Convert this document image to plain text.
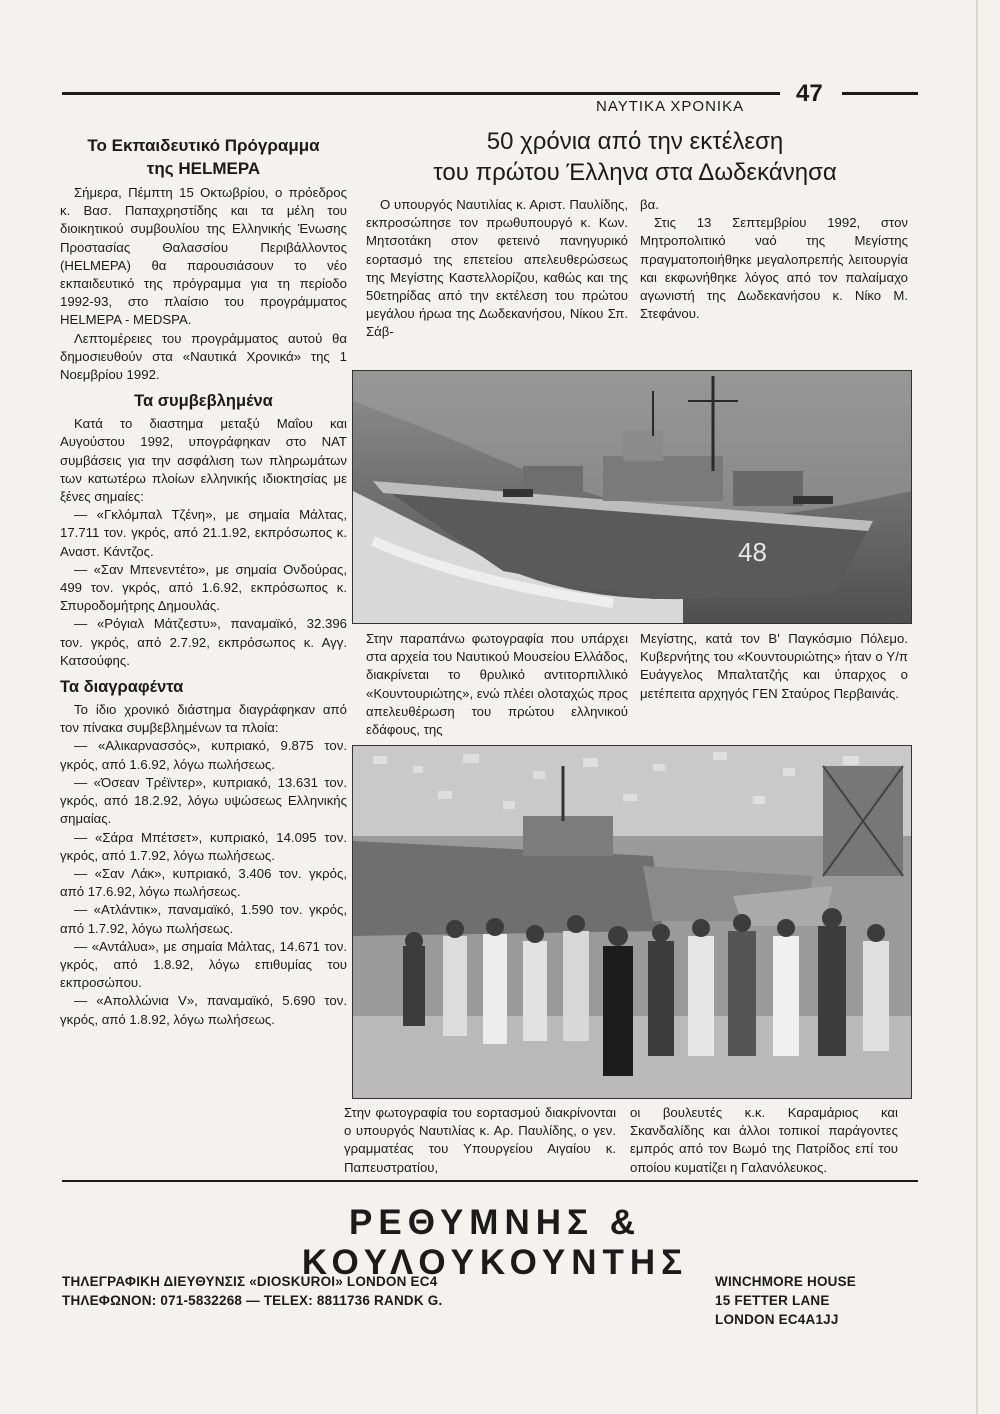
ΝΑΥΤΙΚΑ ΧΡΟΝΙΚΑ 47
Το Εκπαιδευτικό Πρόγραμμα
της HELMEPA

Σήμερα, Πέμπτη 15 Οκτωβρίου, ο πρόεδρος κ. Βασ. Παπαχρηστίδης και τα μέλη του διοικητικού συμβουλίου της Ελληνικής Ένωσης Προστασίας Θαλασσίου Περιβάλλοντος (HELMEPA) θα παρουσιάσουν το νέο εκπαιδευτικό της πρόγραμμα για τη περίοδο 1992-93, στο πλαίσιο του προγράμματος HELMEPA - MEDSPA.

Λεπτομέρειες του προγράμματος αυτού θα δημοσιευθούν στα «Ναυτικά Χρονικά» της 1 Νοεμβρίου 1992.

Τα συμβεβλημένα

Κατά το διαστημα μεταξύ Μαΐου και Αυγούστου 1992, υπογράφηκαν στο ΝΑΤ συμβάσεις για την ασφάλιση των πληρωμάτων των κατωτέρω πλοίων ελληνικής ιδιοκτησίας με ξένες σημαίες:

— «Γκλόμπαλ Τζένη», με σημαία Μάλτας, 17.711 τον. γκρός, από 21.1.92, εκπρόσωπος κ. Αναστ. Κάντζος.

— «Σαν Μπενεντέτο», με σημαία Ονδούρας, 499 τον. γκρός, από 1.6.92, εκπρόσωπος κ. Σπυροδομήτρης Δημουλάς.

— «Ρόγιαλ Μάτζεστυ», παναμαϊκό, 32.396 τον. γκρός, από 2.7.92, εκπρόσωπος κ. Αγγ. Κατσούφης.

Τα διαγραφέντα

Το ίδιο χρονικό διάστημα διαγράφηκαν από τον πίνακα συμβεβλημένων τα πλοία:

— «Αλικαρνασσός», κυπριακό, 9.875 τον. γκρός, από 1.6.92, λόγω πωλήσεως.

— «Όσεαν Τρέϊντερ», κυπριακό, 13.631 τον. γκρός, από 18.2.92, λόγω υψώσεως Ελληνικής σημαίας.

— «Σάρα Μπέτσετ», κυπριακό, 14.095 τον. γκρός, από 1.7.92, λόγω πωλήσεως.

— «Σαν Λάκ», κυπριακό, 3.406 τον. γκρός, από 17.6.92, λόγω πωλήσεως.

— «Ατλάντικ», παναμαϊκό, 1.590 τον. γκρός, από 1.7.92, λόγω πωλήσεως.

— «Αντάλυα», με σημαία Μάλτας, 14.671 τον. γκρός, από 1.8.92, λόγω επιθυμίας του εκπροσώπου.

— «Απολλώνια V», παναμαϊκό, 5.690 τον. γκρός, από 1.8.92, λόγω πωλήσεως.

50 χρόνια από την εκτέλεση
του πρώτου Έλληνα στα Δωδεκάνησα

Ο υπουργός Ναυτιλίας κ. Αριστ. Παυλίδης, εκπροσώπησε τον πρωθυπουργό κ. Κων. Μητσοτάκη στον φετεινό πανηγυρικό εορτασμό της επετείου απελευθερώσεως της Μεγίστης Καστελλορίζου, καθώς και της 50ετηρίδας από την εκτέλεση του πρώτου μεγάλου ήρωα της Δωδεκανήσου, Νίκου Σπ. Σάβ-

βα.

Στις 13 Σεπτεμβρίου 1992, στον Μητροπολιτικό ναό της Μεγίστης πραγματοποιήθηκε μεγαλοπρεπής λειτουργία και εκφωνήθηκε λόγος από τον παλαίμαχο αγωνιστή της Δωδεκανήσου κ. Νίκο Μ. Στεφάνου.

48

Στην παραπάνω φωτογραφία που υπάρχει στα αρχεία του Ναυτικού Μουσείου Ελλάδος, διακρίνεται το θρυλικό αντιτορπιλλικό «Κουντουριώτης», ενώ πλέει ολοταχώς προς απελευθέρωση του πρώτου ελληνικού εδάφους, της

Μεγίστης, κατά τον Β' Παγκόσμιο Πόλεμο. Κυβερνήτης του «Κουντουριώτης» ήταν ο Υ/π Ευάγγελος Μπαλτατζής και ύπαρχος ο μετέπειτα αρχηγός ΓΕΝ Σταύρος Περβαινάς.

Στην φωτογραφία του εορτασμού διακρίνονται ο υπουργός Ναυτιλίας κ. Αρ. Παυλίδης, ο γεν. γραμματέας του Υπουργείου Αιγαίου κ. Παπευστρατίου,

οι βουλευτές κ.κ. Καραμάριος και Σκανδαλίδης και άλλοι τοπικοί παράγοντες εμπρός από τον Βωμό της Πατρίδος επί του οποίου κυματίζει η Γαλανόλευκος.

ΡΕΘΥΜΝΗΣ & ΚΟΥΛΟΥΚΟΥΝΤΗΣ

ΤΗΛΕΓΡΑΦΙΚΗ ΔΙΕΥΘΥΝΣΙΣ «DIOSKUROI» LONDON EC4

ΤΗΛΕΦΩΝΟΝ: 071-5832268 — TELEX: 8811736 RANDK G.

WINCHMORE HOUSE

15 FETTER LANE

LONDON EC4A1JJ
